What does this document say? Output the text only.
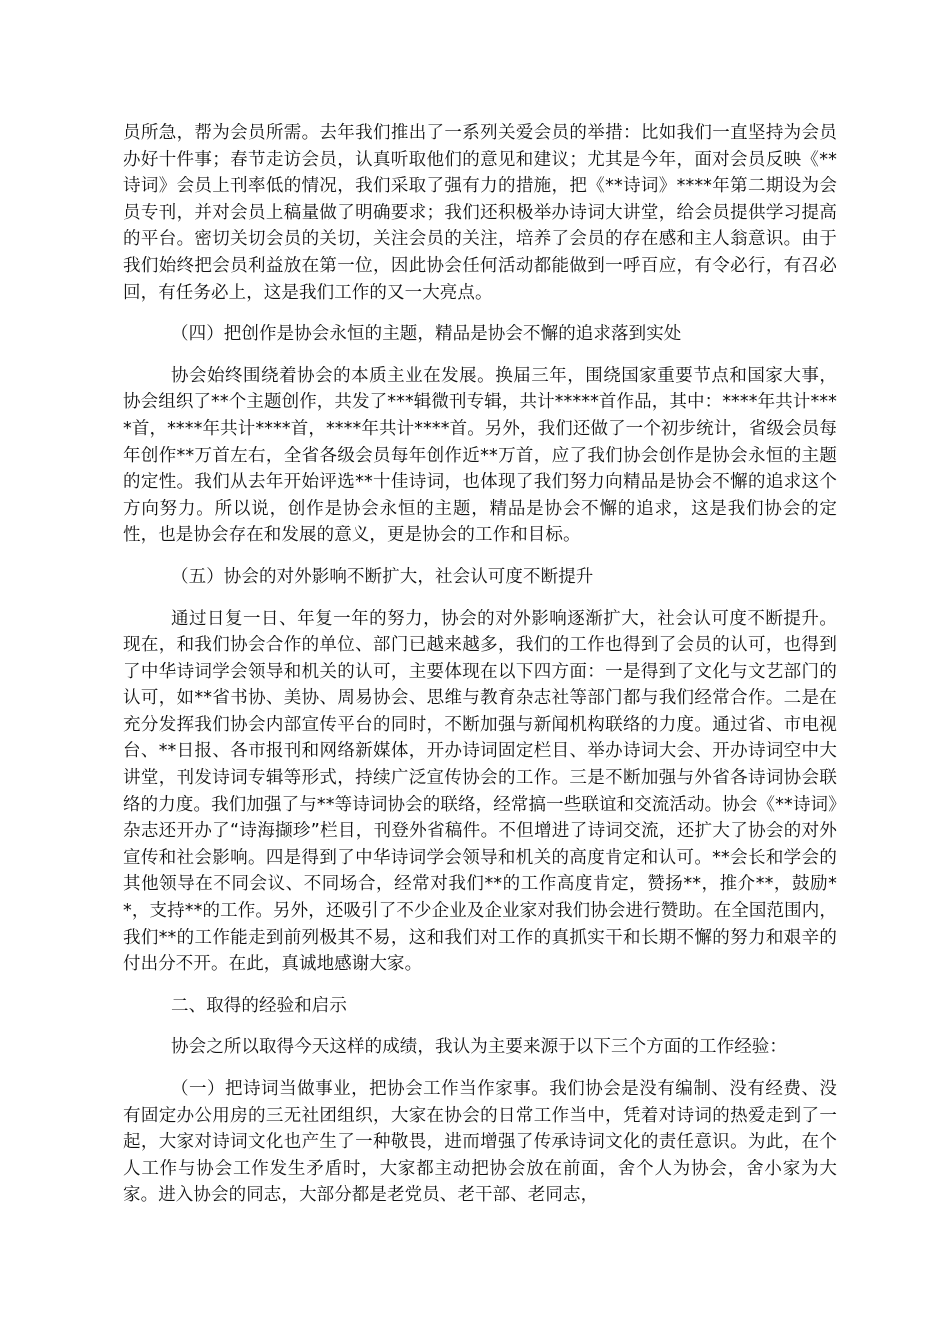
员所急，帮为会员所需。去年我们推出了一系列关爱会员的举措：比如我们一直坚持为会员办好十件事；春节走访会员，认真听取他们的意见和建议；尤其是今年，面对会员反映《**诗词》会员上刊率低的情况，我们采取了强有力的措施，把《**诗词》****年第二期设为会员专刊，并对会员上稿量做了明确要求；我们还积极举办诗词大讲堂，给会员提供学习提高的平台。密切关切会员的关切，关注会员的关注，培养了会员的存在感和主人翁意识。由于我们始终把会员利益放在第一位，因此协会任何活动都能做到一呼百应，有令必行，有召必回，有任务必上，这是我们工作的又一大亮点。

（四）把创作是协会永恒的主题，精品是协会不懈的追求落到实处

协会始终围绕着协会的本质主业在发展。换届三年，围绕国家重要节点和国家大事，协会组织了**个主题创作，共发了***辑微刊专辑，共计*****首作品，其中：****年共计****首，****年共计****首，****年共计****首。另外，我们还做了一个初步统计，省级会员每年创作**万首左右，全省各级会员每年创作近**万首，应了我们协会创作是协会永恒的主题的定性。我们从去年开始评选**十佳诗词，也体现了我们努力向精品是协会不懈的追求这个方向努力。所以说，创作是协会永恒的主题，精品是协会不懈的追求，这是我们协会的定性，也是协会存在和发展的意义，更是协会的工作和目标。

（五）协会的对外影响不断扩大，社会认可度不断提升

通过日复一日、年复一年的努力，协会的对外影响逐渐扩大，社会认可度不断提升。现在，和我们协会合作的单位、部门已越来越多，我们的工作也得到了会员的认可，也得到了中华诗词学会领导和机关的认可，主要体现在以下四方面：一是得到了文化与文艺部门的认可，如**省书协、美协、周易协会、思维与教育杂志社等部门都与我们经常合作。二是在充分发挥我们协会内部宣传平台的同时，不断加强与新闻机构联络的力度。通过省、市电视台、**日报、各市报刊和网络新媒体，开办诗词固定栏目、举办诗词大会、开办诗词空中大讲堂，刊发诗词专辑等形式，持续广泛宣传协会的工作。三是不断加强与外省各诗词协会联络的力度。我们加强了与**等诗词协会的联络，经常搞一些联谊和交流活动。协会《**诗词》杂志还开办了“诗海撷珍”栏目，刊登外省稿件。不但增进了诗词交流，还扩大了协会的对外宣传和社会影响。四是得到了中华诗词学会领导和机关的高度肯定和认可。**会长和学会的其他领导在不同会议、不同场合，经常对我们**的工作高度肯定，赞扬**，推介**，鼓励**，支持**的工作。另外，还吸引了不少企业及企业家对我们协会进行赞助。在全国范围内，我们**的工作能走到前列极其不易，这和我们对工作的真抓实干和长期不懈的努力和艰辛的付出分不开。在此，真诚地感谢大家。

二、取得的经验和启示

协会之所以取得今天这样的成绩，我认为主要来源于以下三个方面的工作经验：

（一）把诗词当做事业，把协会工作当作家事。我们协会是没有编制、没有经费、没有固定办公用房的三无社团组织，大家在协会的日常工作当中，凭着对诗词的热爱走到了一起，大家对诗词文化也产生了一种敬畏，进而增强了传承诗词文化的责任意识。为此，在个人工作与协会工作发生矛盾时，大家都主动把协会放在前面，舍个人为协会，舍小家为大家。进入协会的同志，大部分都是老党员、老干部、老同志，
